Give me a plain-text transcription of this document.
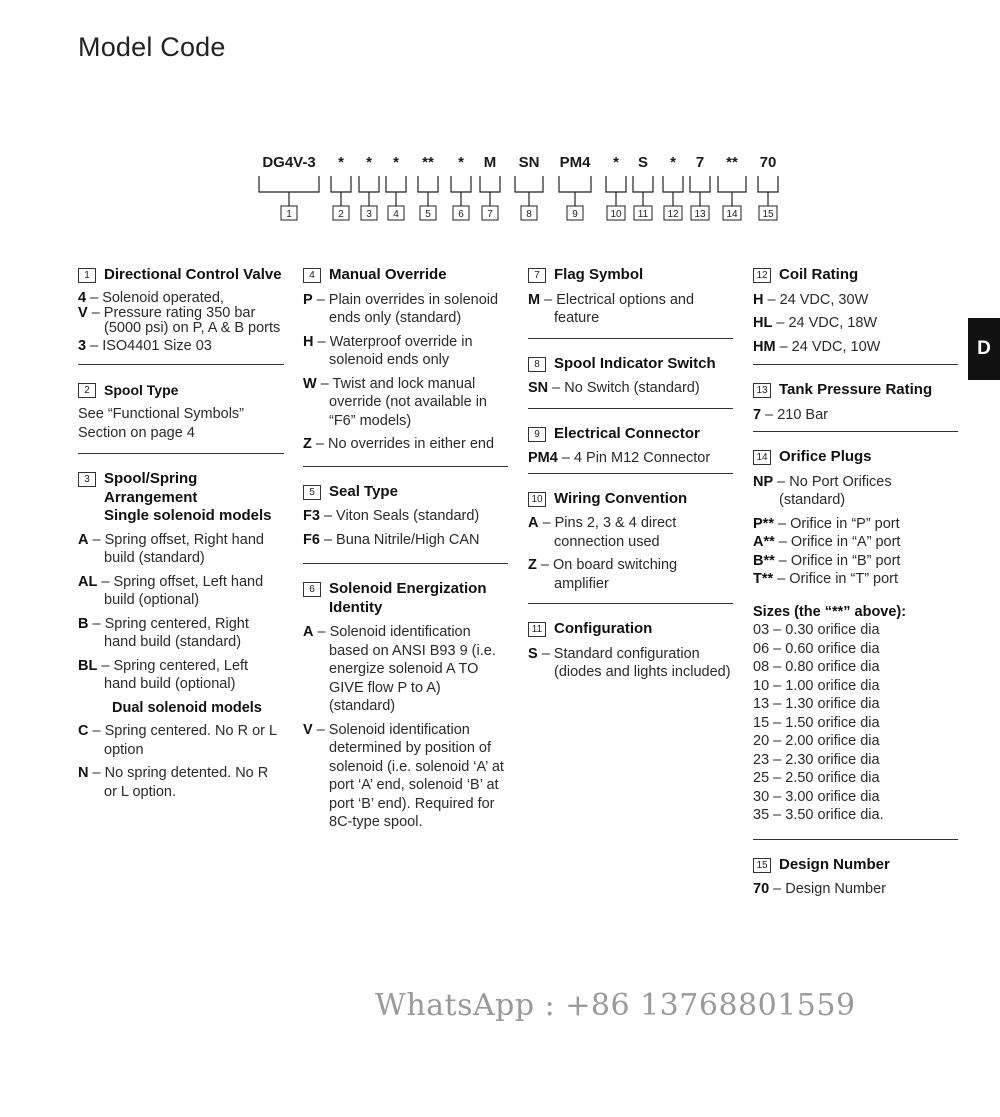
Model Code
DG4V-3
1
*
2
*
3
*
4
**
5
*
6
M
7
SN
8
PM4
9
*
10
S
11
*
12
7
13
**
14
70
15
1 Directional Control Valve
4 – Solenoid operated,
V – Pressure rating 350 bar (5000 psi) on P, A & B ports
3 – ISO4401 Size 03
2	Spool Type
See “Functional Symbols” Section on page 4
3 Spool/Spring Arrangement
Single solenoid models
A – Spring offset, Right hand build (standard)
AL – Spring offset, Left hand build (optional)
B – Spring centered, Right hand build (standard)
BL – Spring centered, Left hand build (optional)
Dual solenoid models
C – Spring centered. No R or L option
N – No spring detented. No R or L option.
4 Manual Override
P – Plain overrides in solenoid ends only (standard)
H – Waterproof override in solenoid ends only
W – Twist and lock manual override (not available in “F6” models)
Z – No overrides in either end
5 Seal Type
F3 – Viton Seals (standard)
F6 – Buna Nitrile/High CAN
6 Solenoid Energization Identity
A – Solenoid identification based on ANSI B93 9 (i.e. energize solenoid A TO GIVE flow P to A) (standard)
V – Solenoid identification determined by position of solenoid (i.e. solenoid ‘A’ at port ‘A’ end, solenoid ‘B’ at port ‘B’ end). Required for 8C-type spool.
7 Flag Symbol
M – Electrical options and feature
8 Spool Indicator Switch
SN – No Switch (standard)
9 Electrical Connector
PM4 – 4 Pin M12 Connector
10 Wiring Convention
A – Pins 2, 3 & 4 direct connection used
Z – On board switching amplifier
11 Configuration
S – Standard configuration (diodes and lights included)
12 Coil Rating
H – 24 VDC, 30W
HL – 24 VDC, 18W
HM – 24 VDC, 10W
13 Tank Pressure Rating
7 – 210 Bar
14 Orifice Plugs
NP – No Port Orifices (standard)
P** – Orifice in “P” port
A** – Orifice in “A” port
B** – Orifice in “B” port
T** – Orifice in “T” port
Sizes (the “**” above):
03 – 0.30 orifice dia
06 – 0.60 orifice dia
08 – 0.80 orifice dia
10 – 1.00 orifice dia
13 – 1.30 orifice dia
15 – 1.50 orifice dia
20 – 2.00 orifice dia
23 – 2.30 orifice dia
25 – 2.50 orifice dia
30 – 3.00 orifice dia
35 – 3.50 orifice dia.
15 Design Number
70 – Design Number
D
WhatsApp : +86 13768801559
